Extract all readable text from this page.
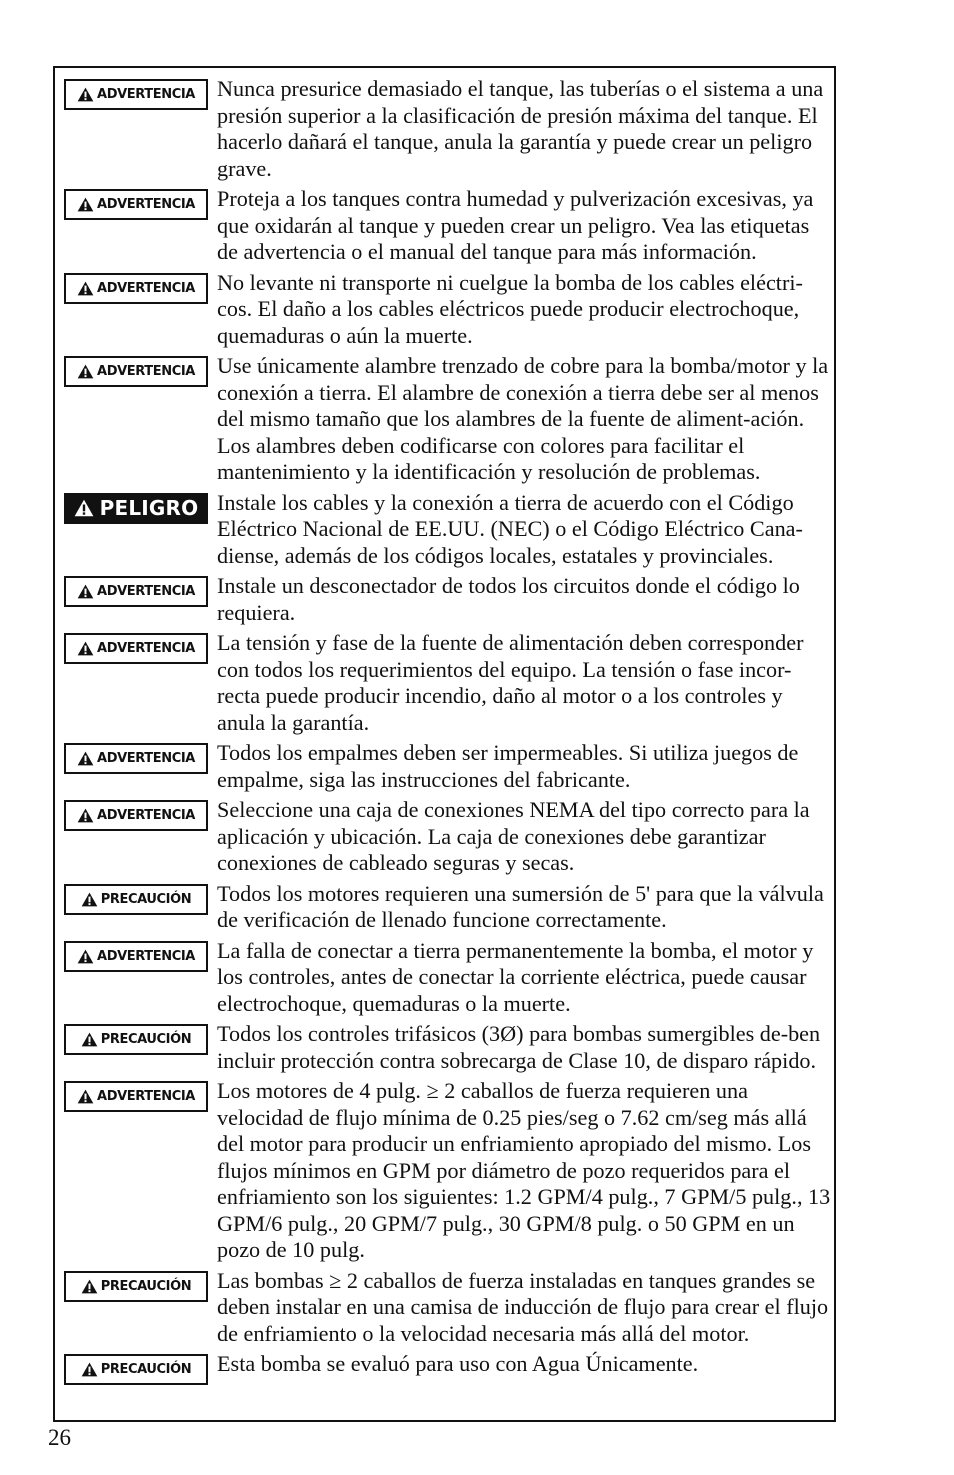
ADVERTENCIA Nunca presurice demasiado el tanque, las tuberías o el sistema a una presión superior a la clasificación de presión máxima del tanque. El hacerlo dañará el tanque, anula la garantía y puede crear un peligro grave.
ADVERTENCIA Proteja a los tanques contra humedad y pulverización excesivas, ya que oxidarán al tanque y pueden crear un peligro. Vea las etiquetas de advertencia o el manual del tanque para más información.
ADVERTENCIA No levante ni transporte ni cuelgue la bomba de los cables eléctri-cos. El daño a los cables eléctricos puede producir electrochoque, quemaduras o aún la muerte.
ADVERTENCIA Use únicamente alambre trenzado de cobre para la bomba/motor y la conexión a tierra. El alambre de conexión a tierra debe ser al menos del mismo tamaño que los alambres de la fuente de aliment-ación. Los alambres deben codificarse con colores para facilitar el mantenimiento y la identificación y resolución de problemas.
PELIGRO Instale los cables y la conexión a tierra de acuerdo con el Código Eléctrico Nacional de EE.UU. (NEC) o el Código Eléctrico Cana-diense, además de los códigos locales, estatales y provinciales.
ADVERTENCIA Instale un desconectador de todos los circuitos donde el código lo requiera.
ADVERTENCIA La tensión y fase de la fuente de alimentación deben corresponder con todos los requerimientos del equipo. La tensión o fase incor-recta puede producir incendio, daño al motor o a los controles y anula la garantía.
ADVERTENCIA Todos los empalmes deben ser impermeables. Si utiliza juegos de empalme, siga las instrucciones del fabricante.
ADVERTENCIA Seleccione una caja de conexiones NEMA del tipo correcto para la aplicación y ubicación. La caja de conexiones debe garantizar conexiones de cableado seguras y secas.
PRECAUCIÓN Todos los motores requieren una sumersión de 5' para que la válvula de verificación de llenado funcione correctamente.
ADVERTENCIA La falla de conectar a tierra permanentemente la bomba, el motor y los controles, antes de conectar la corriente eléctrica, puede causar electrochoque, quemaduras o la muerte.
PRECAUCIÓN Todos los controles trifásicos (3Ø) para bombas sumergibles de-ben incluir protección contra sobrecarga de Clase 10, de disparo rápido.
ADVERTENCIA Los motores de 4 pulg. ≥ 2 caballos de fuerza requieren una velocidad de flujo mínima de 0.25 pies/seg o 7.62 cm/seg más allá del motor para producir un enfriamiento apropiado del mismo. Los flujos mínimos en GPM por diámetro de pozo requeridos para el enfriamiento son los siguientes: 1.2 GPM/4 pulg., 7 GPM/5 pulg., 13 GPM/6 pulg., 20 GPM/7 pulg., 30 GPM/8 pulg. o 50 GPM en un pozo de 10 pulg.
PRECAUCIÓN Las bombas ≥ 2 caballos de fuerza instaladas en tanques grandes se deben instalar en una camisa de inducción de flujo para crear el flujo de enfriamiento o la velocidad necesaria más allá del motor.
PRECAUCIÓN Esta bomba se evaluó para uso con Agua Únicamente.
26
